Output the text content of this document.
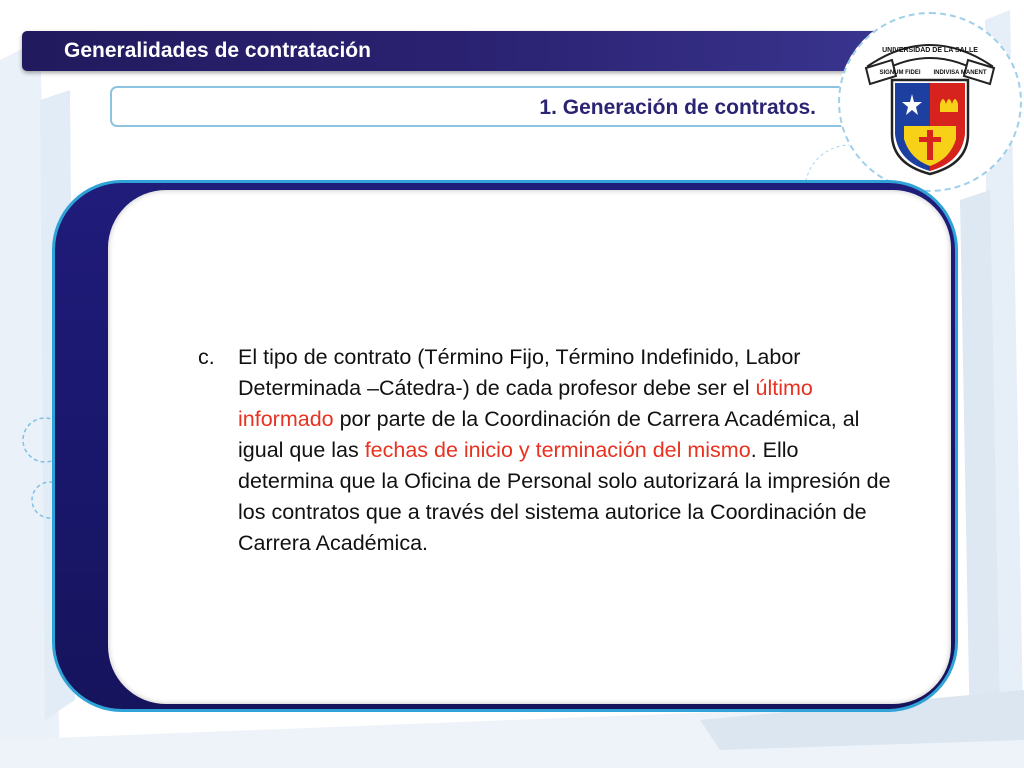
Generalidades de contratación
1. Generación de contratos.
UNIVERSIDAD DE LA SALLE
SIGNUM FIDEI INDIVISA MANENT
c. El tipo de contrato (Término Fijo, Término Indefinido, Labor Determinada –Cátedra-) de cada profesor debe ser el último informado por parte de la Coordinación de Carrera Académica, al igual que las fechas de inicio y terminación del mismo. Ello determina que la Oficina de Personal solo autorizará la impresión de los contratos que a través del sistema autorice la Coordinación de Carrera Académica.
